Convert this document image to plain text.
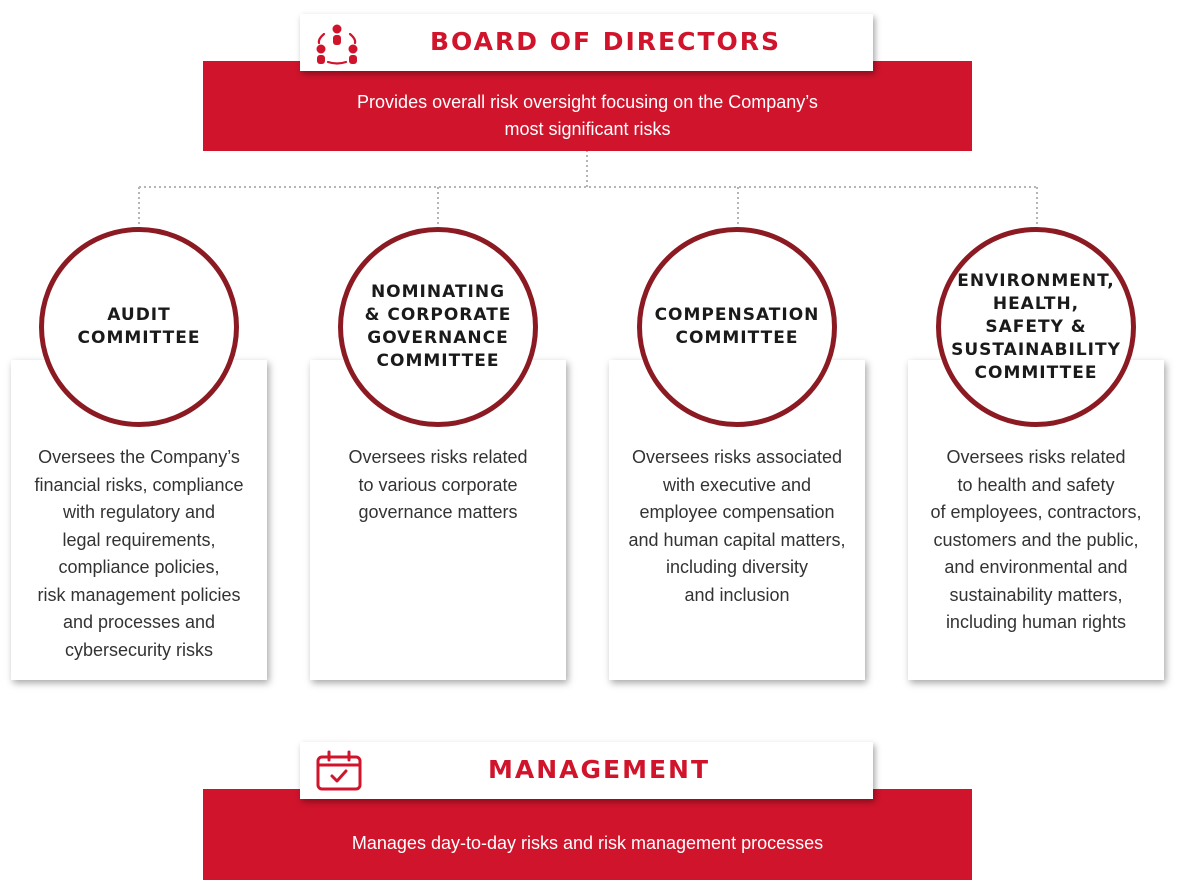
Provides overall risk oversight focusing on the Company’s
most significant risks
BOARD OF DIRECTORS
Oversees the Company’s
financial risks, compliance
with regulatory and
legal requirements,
compliance policies,
risk management policies
and processes and
cybersecurity risks
Oversees risks related
to various corporate
governance matters
Oversees risks associated
with executive and
employee compensation
and human capital matters,
including diversity
and inclusion
Oversees risks related
to health and safety
of employees, contractors,
customers and the public,
and environmental and
sustainability matters,
including human rights
AUDIT
COMMITTEE
NOMINATING
& CORPORATE
GOVERNANCE
COMMITTEE
COMPENSATION
COMMITTEE
ENVIRONMENT,
HEALTH,
SAFETY &
SUSTAINABILITY
COMMITTEE
Manages day-to-day risks and risk management processes
MANAGEMENT
